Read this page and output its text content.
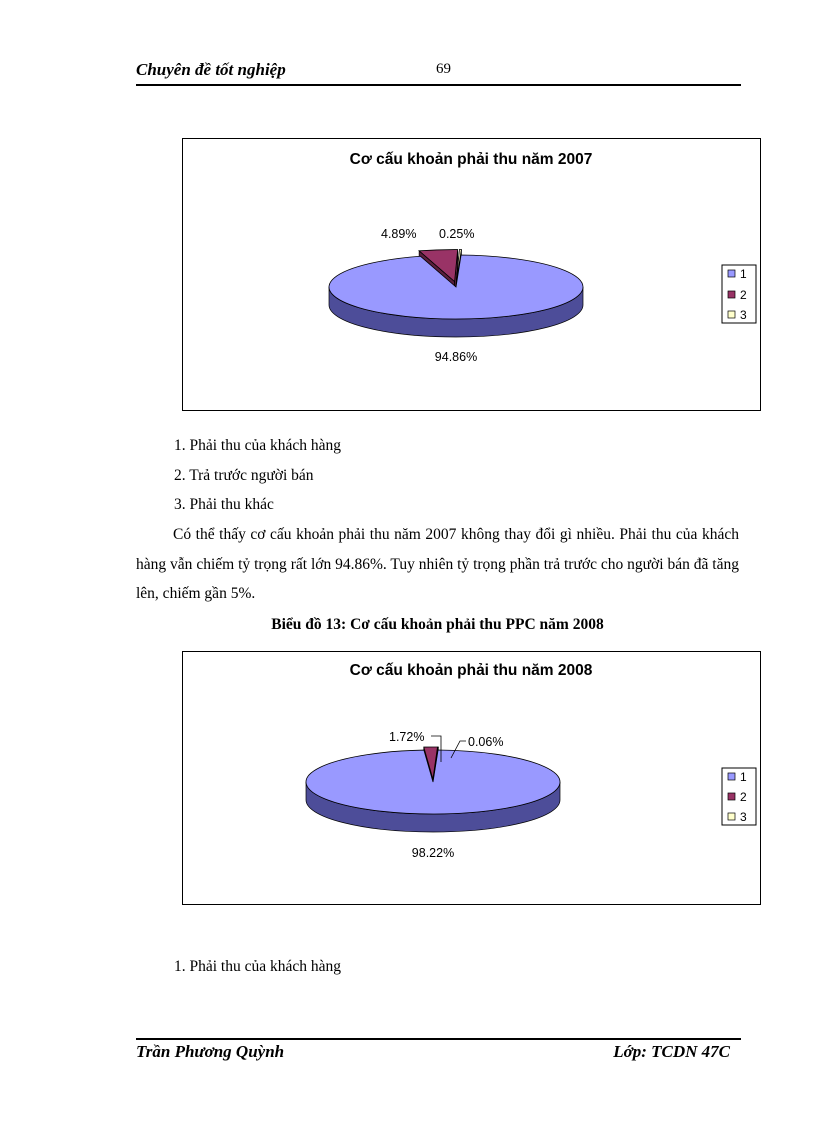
Chuyên đề tốt nghiệp	69
Cơ cấu khoản phải thu năm 2007
4.89% 0.25%
94.86%
1
2
3
1. Phải thu của khách hàng
2. Trả trước người bán
3. Phải thu khác
Có thể thấy cơ cấu khoản phải thu năm 2007 không thay đổi gì nhiều. Phải thu của khách hàng vẫn chiếm tỷ trọng rất lớn 94.86%. Tuy nhiên tỷ trọng phần trả trước cho người bán đã tăng lên, chiếm gần 5%.
Biểu đồ 13: Cơ cấu khoản phải thu PPC năm 2008
Cơ cấu khoản phải thu năm 2008
1.72%	0.06%
98.22%
1
2
3
1. Phải thu của khách hàng
Trần Phương Quỳnh	Lớp: TCDN 47C
